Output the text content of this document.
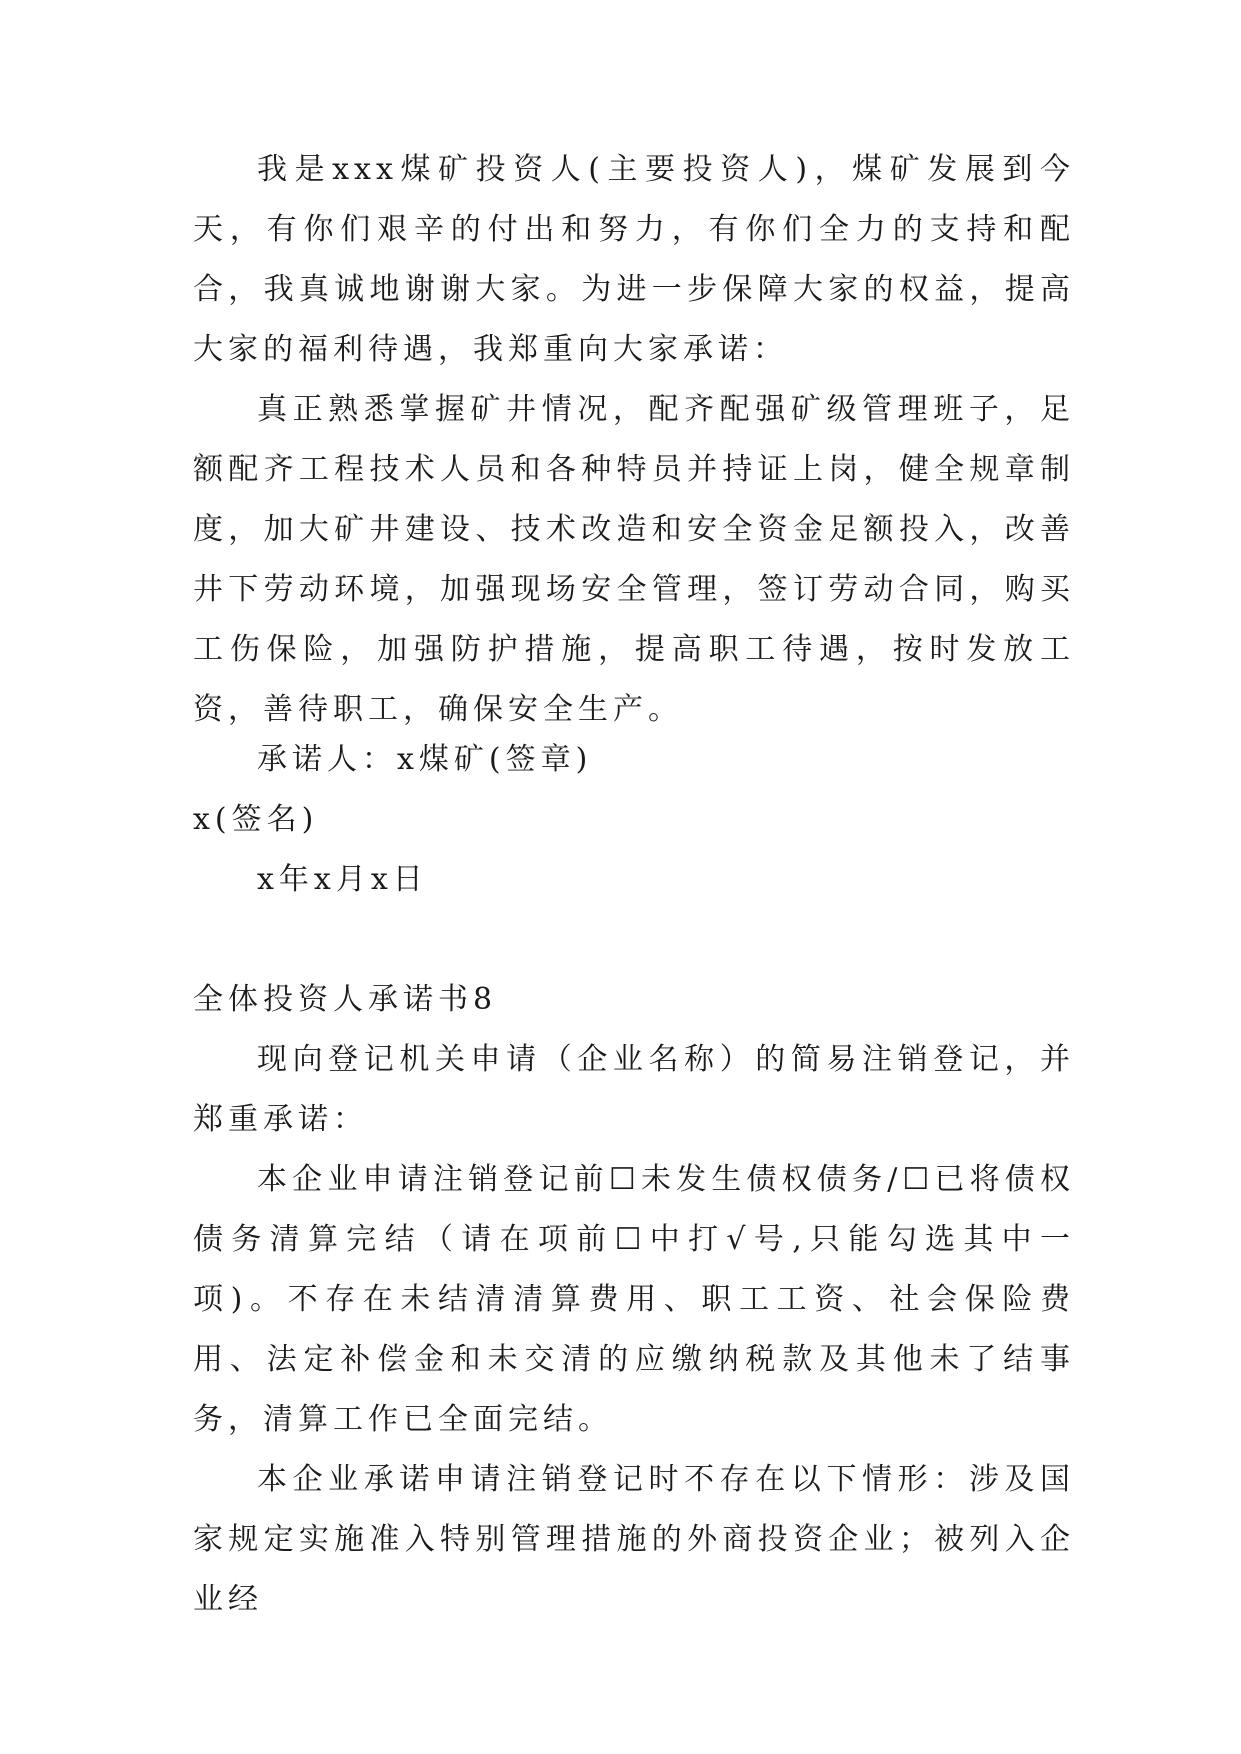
我是xxx煤矿投资人(主要投资人)，煤矿发展到今天，有你们艰辛的付出和努力，有你们全力的支持和配合，我真诚地谢谢大家。为进一步保障大家的权益，提高大家的福利待遇，我郑重向大家承诺：

真正熟悉掌握矿井情况，配齐配强矿级管理班子，足额配齐工程技术人员和各种特员并持证上岗，健全规章制度，加大矿井建设、技术改造和安全资金足额投入，改善井下劳动环境，加强现场安全管理，签订劳动合同，购买工伤保险，加强防护措施，提高职工待遇，按时发放工资，善待职工，确保安全生产。

承诺人：x煤矿(签章)
x(签名)
x年x月x日
全体投资人承诺书8

现向登记机关申请（企业名称）的简易注销登记，并郑重承诺：

本企业申请注销登记前☐未发生债权债务/☐已将债权债务清算完结（请在项前☐中打√号,只能勾选其中一项)。不存在未结清清算费用、职工工资、社会保险费用、法定补偿金和未交清的应缴纳税款及其他未了结事务，清算工作已全面完结。

本企业承诺申请注销登记时不存在以下情形：涉及国家规定实施准入特别管理措施的外商投资企业；被列入企业经
